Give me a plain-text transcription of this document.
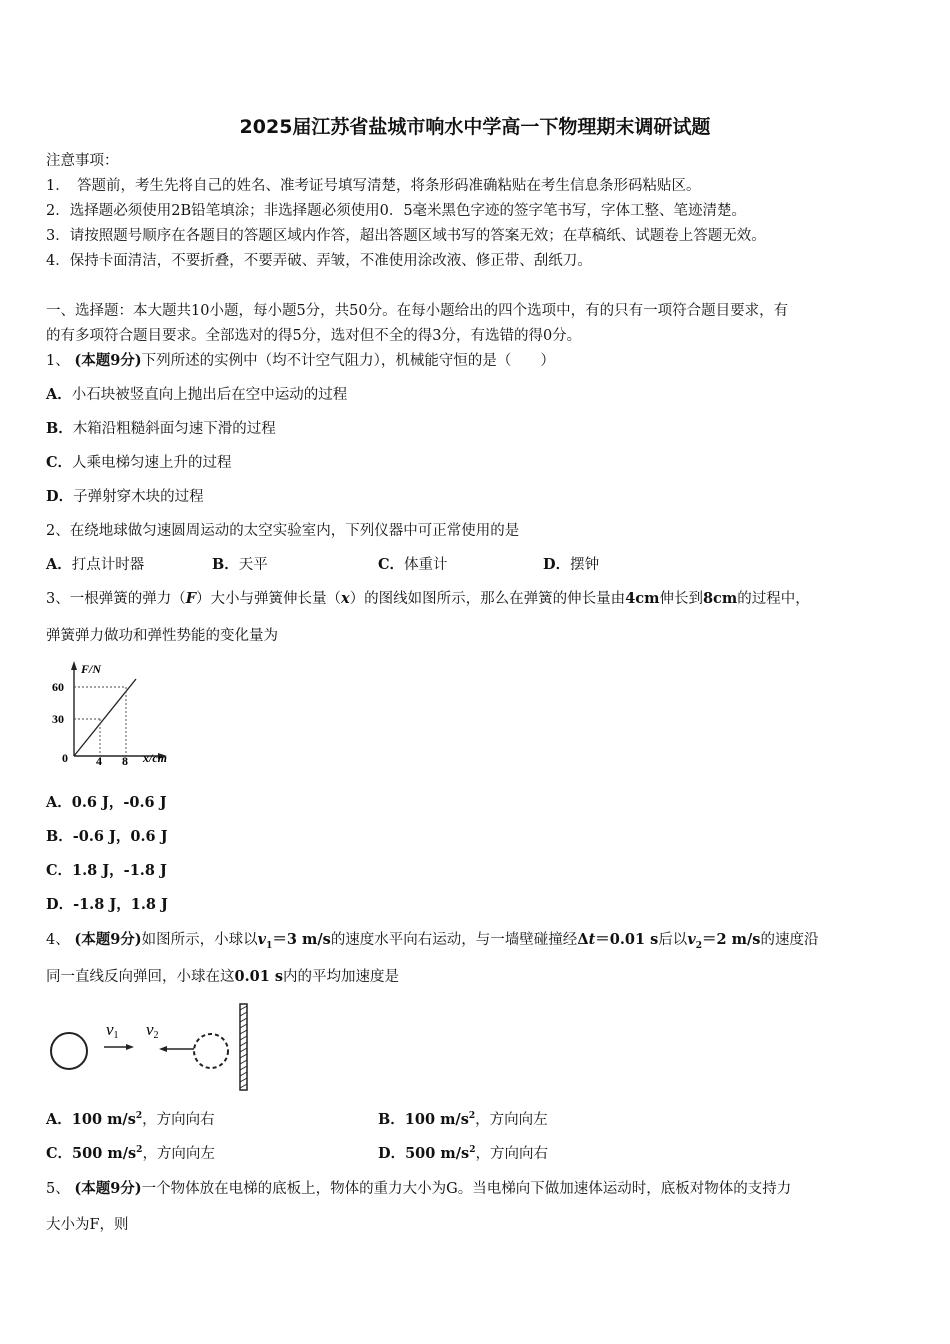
2025届江苏省盐城市响水中学高一下物理期末调研试题
注意事项：
1．　答题前，考生先将自己的姓名、准考证号填写清楚，将条形码准确粘贴在考生信息条形码粘贴区。
2．选择题必须使用2B铅笔填涂；非选择题必须使用0．5毫米黑色字迹的签字笔书写，字体工整、笔迹清楚。
3．请按照题号顺序在各题目的答题区域内作答，超出答题区域书写的答案无效；在草稿纸、试题卷上答题无效。
4．保持卡面清洁，不要折叠，不要弄破、弄皱，不准使用涂改液、修正带、刮纸刀。
一、选择题：本大题共10小题，每小题5分，共50分。在每小题给出的四个选项中，有的只有一项符合题目要求，有
的有多项符合题目要求。全部选对的得5分，选对但不全的得3分，有选错的得0分。
1、 (本题9分)下列所述的实例中（均不计空气阻力），机械能守恒的是（　　）
A．小石块被竖直向上抛出后在空中运动的过程
B．木箱沿粗糙斜面匀速下滑的过程
C．人乘电梯匀速上升的过程
D．子弹射穿木块的过程
2、在绕地球做匀速圆周运动的太空实验室内，下列仪器中可正常使用的是
A．打点计时器	B．天平	C．体重计	D．摆钟
3、一根弹簧的弹力（F）大小与弹簧伸长量（x）的图线如图所示，那么在弹簧的伸长量由4cm伸长到8cm的过程中，
弹簧弹力做功和弹性势能的变化量为
F/N
60
30
0 4 8 x/cm
A．0.6 J，-0.6 J
B．-0.6 J，0.6 J
C．1.8 J，-1.8 J
D．-1.8 J，1.8 J
4、 (本题9分)如图所示，小球以$v_1=3$ m/s的速度水平向右运动，与一墙壁碰撞经Δt＝0.01 s后以$v_2=2$ m/s的速度沿
同一直线反向弹回，小球在这0.01 s内的平均加速度是
v1 v2
A．100 $m/s^2$，方向向右	B．100 $m/s^2$，方向向左
C．500 $m/s^2$，方向向左	D．500 $m/s^2$，方向向右
5、 (本题9分)一个物体放在电梯的底板上，物体的重力大小为G。当电梯向下做加速体运动时，底板对物体的支持力
大小为F，则
